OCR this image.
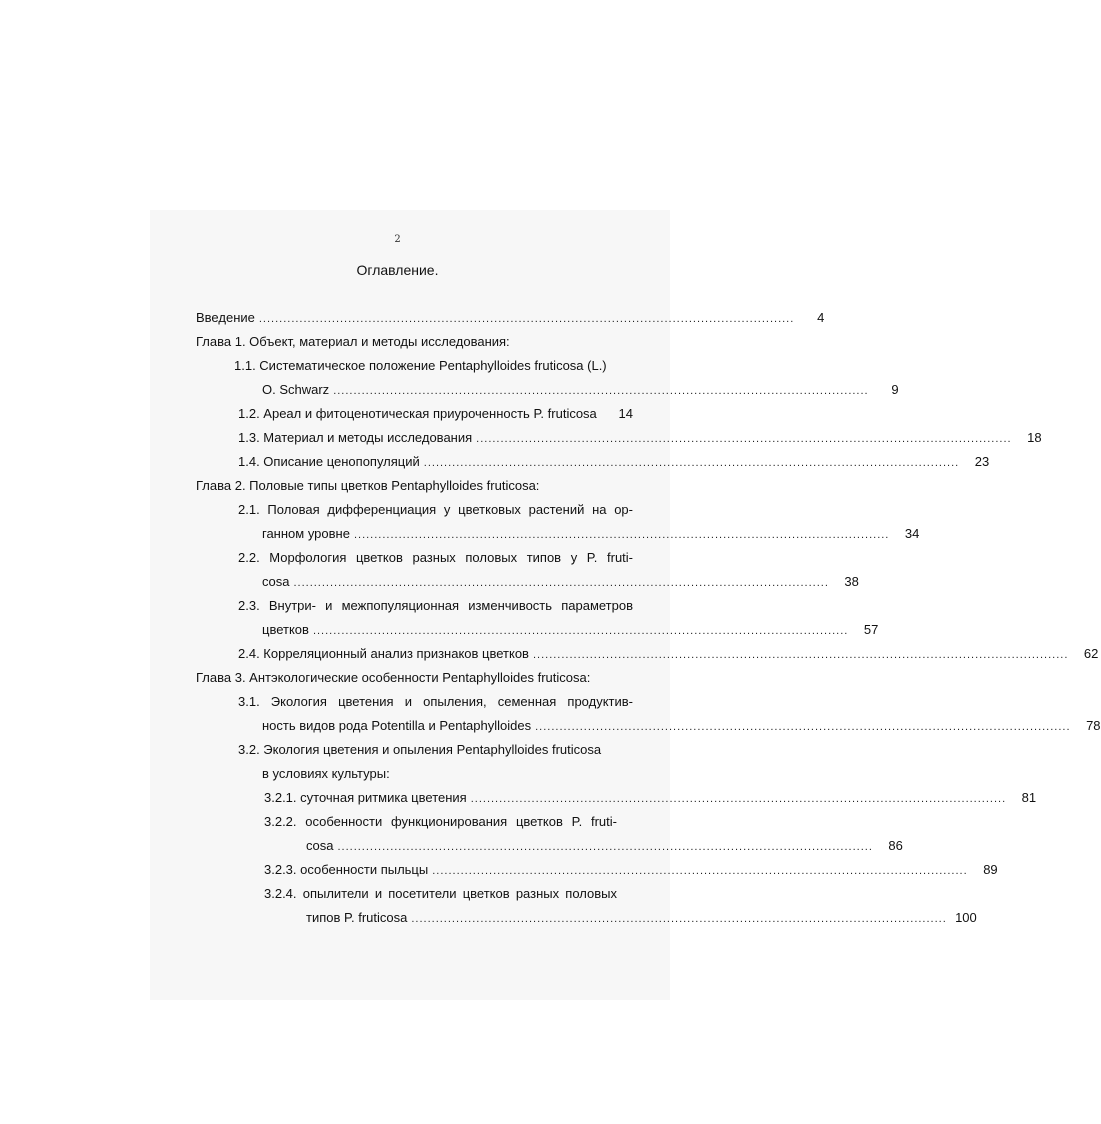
2
Оглавление.
Введение ....................................................................................................................................	4
Глава 1. Объект, материал и методы исследования:
1.1. Систематическое положение Pentaphylloides fruticosa (L.)
O. Schwarz ....................................................................................................................................	9
1.2. Ареал и фитоценотическая приуроченность P. fruticosa	14
1.3. Материал и методы исследования ....................................................................................................................................	18
1.4. Описание ценопопуляций ....................................................................................................................................	23
Глава 2. Половые типы цветков Pentaphylloides fruticosa:
2.1. Половая дифференциация у цветковых растений на ор-
ганном уровне ....................................................................................................................................	34
2.2. Морфология цветков разных половых типов у P. fruti-
cosa ....................................................................................................................................	38
2.3. Внутри- и межпопуляционная изменчивость параметров
цветков ....................................................................................................................................	57
2.4. Корреляционный анализ признаков цветков ....................................................................................................................................	62
Глава 3. Антэкологические особенности Pentaphylloides fruticosa:
3.1. Экология цветения и опыления, семенная продуктив-
ность видов рода Potentilla и Pentaphylloides ....................................................................................................................................	78
3.2. Экология цветения и опыления Pentaphylloides fruticosa
в условиях культуры:
3.2.1. суточная ритмика цветения ....................................................................................................................................	81
3.2.2. особенности функционирования цветков P. fruti-
cosa ....................................................................................................................................	86
3.2.3. особенности пыльцы ....................................................................................................................................	89
3.2.4. опылители и посетители цветков разных половых
типов P. fruticosa .................................................................................................................................... 100
